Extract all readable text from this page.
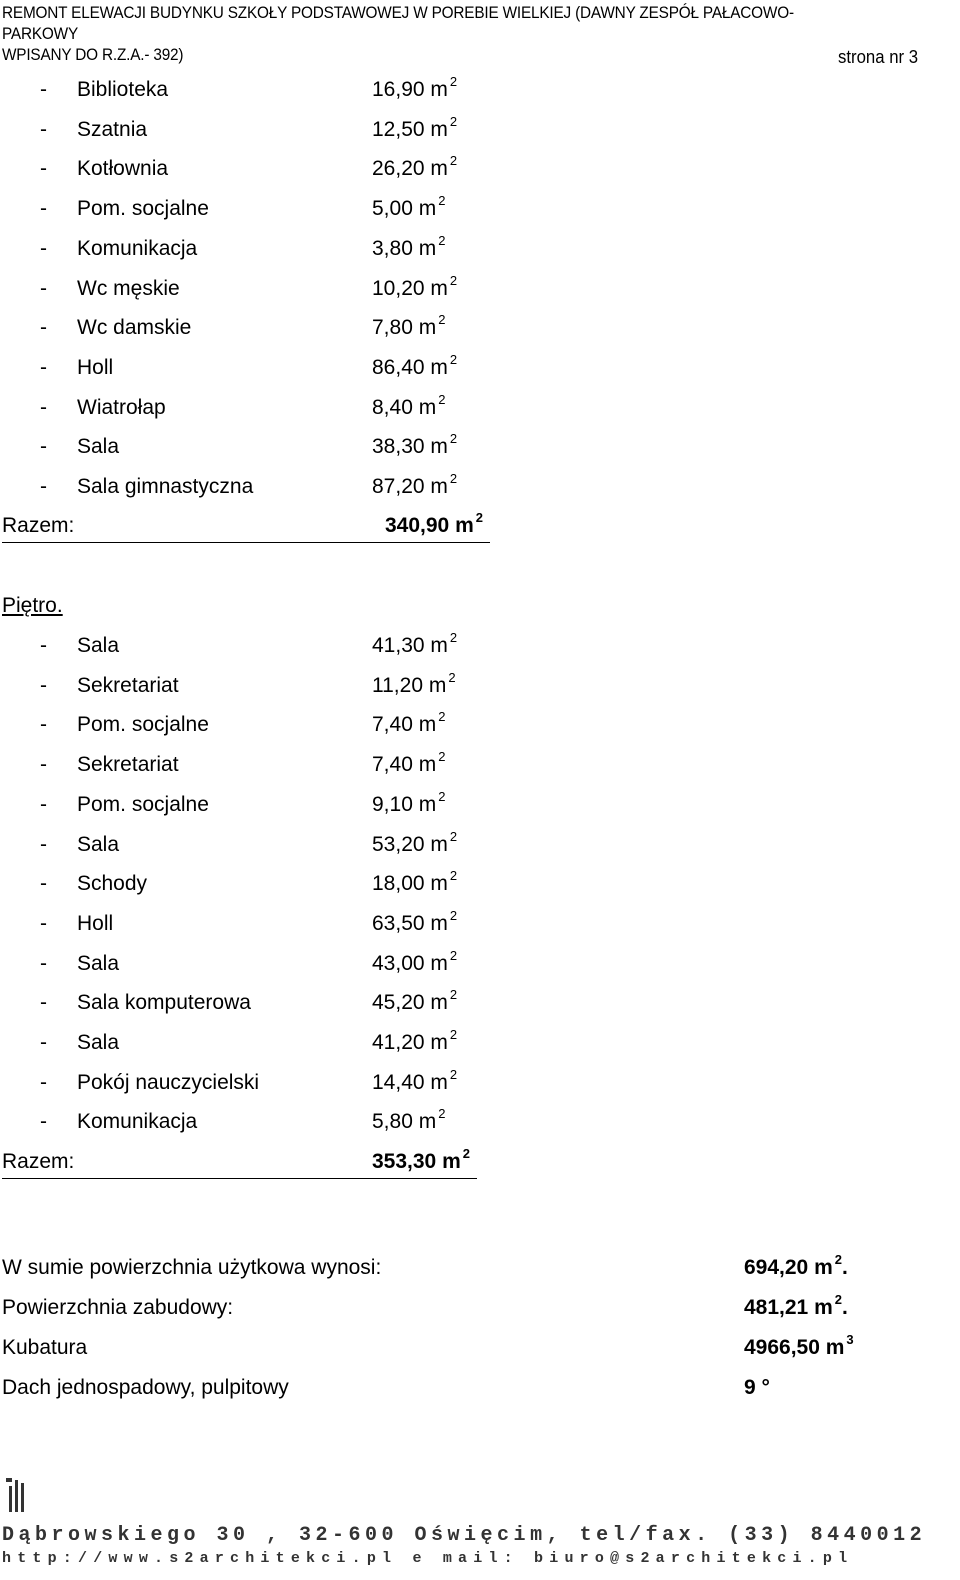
REMONT ELEWACJI BUDYNKU SZKOŁY PODSTAWOWEJ W POREBIE WIELKIEJ (DAWNY ZESPÓŁ PAŁACOWO- PARKOWY
WPISANY DO R.Z.A.- 392)	strona nr 3
- Biblioteka	16,90 m $^2$
- Szatnia	12,50 m $^2$
- Kotłownia	26,20 m $^2$
- Pom. socjalne	5,00 m $^2$
- Komunikacja	3,80 m $^2$
- Wc męskie	10,20 m $^2$
- Wc damskie	7,80 m $^2$
- Holl	86,40 m $^2$
- Wiatrołap	8,40 m $^2$
- Sala	38,30 m $^2$
- Sala gimnastyczna	87,20 m $^2$
Razem:	340,90 m $^2$
Piętro.
- Sala	41,30 m $^2$
- Sekretariat	11,20 m $^2$
- Pom. socjalne	7,40 m $^2$
- Sekretariat	7,40 m $^2$
- Pom. socjalne	9,10 m $^2$
- Sala	53,20 m $^2$
- Schody	18,00 m $^2$
- Holl	63,50 m $^2$
- Sala	43,00 m $^2$
- Sala komputerowa	45,20 m $^2$
- Sala	41,20 m $^2$
- Pokój nauczycielski	14,40 m $^2$
- Komunikacja	5,80 m $^2$
Razem:	353,30 m $^2$
W sumie powierzchnia użytkowa wynosi:	694,20 m $^2$.
Powierzchnia zabudowy:	481,21 m $^2$.
Kubatura	4966,50 m $^3$
Dach jednospadowy, pulpitowy	9 °
Dąbrowskiego 30 , 32-600 Oświęcim, tel/fax. (33) 8440012
http://www.s2architekci.pl e mail: biuro@s2architekci.pl
